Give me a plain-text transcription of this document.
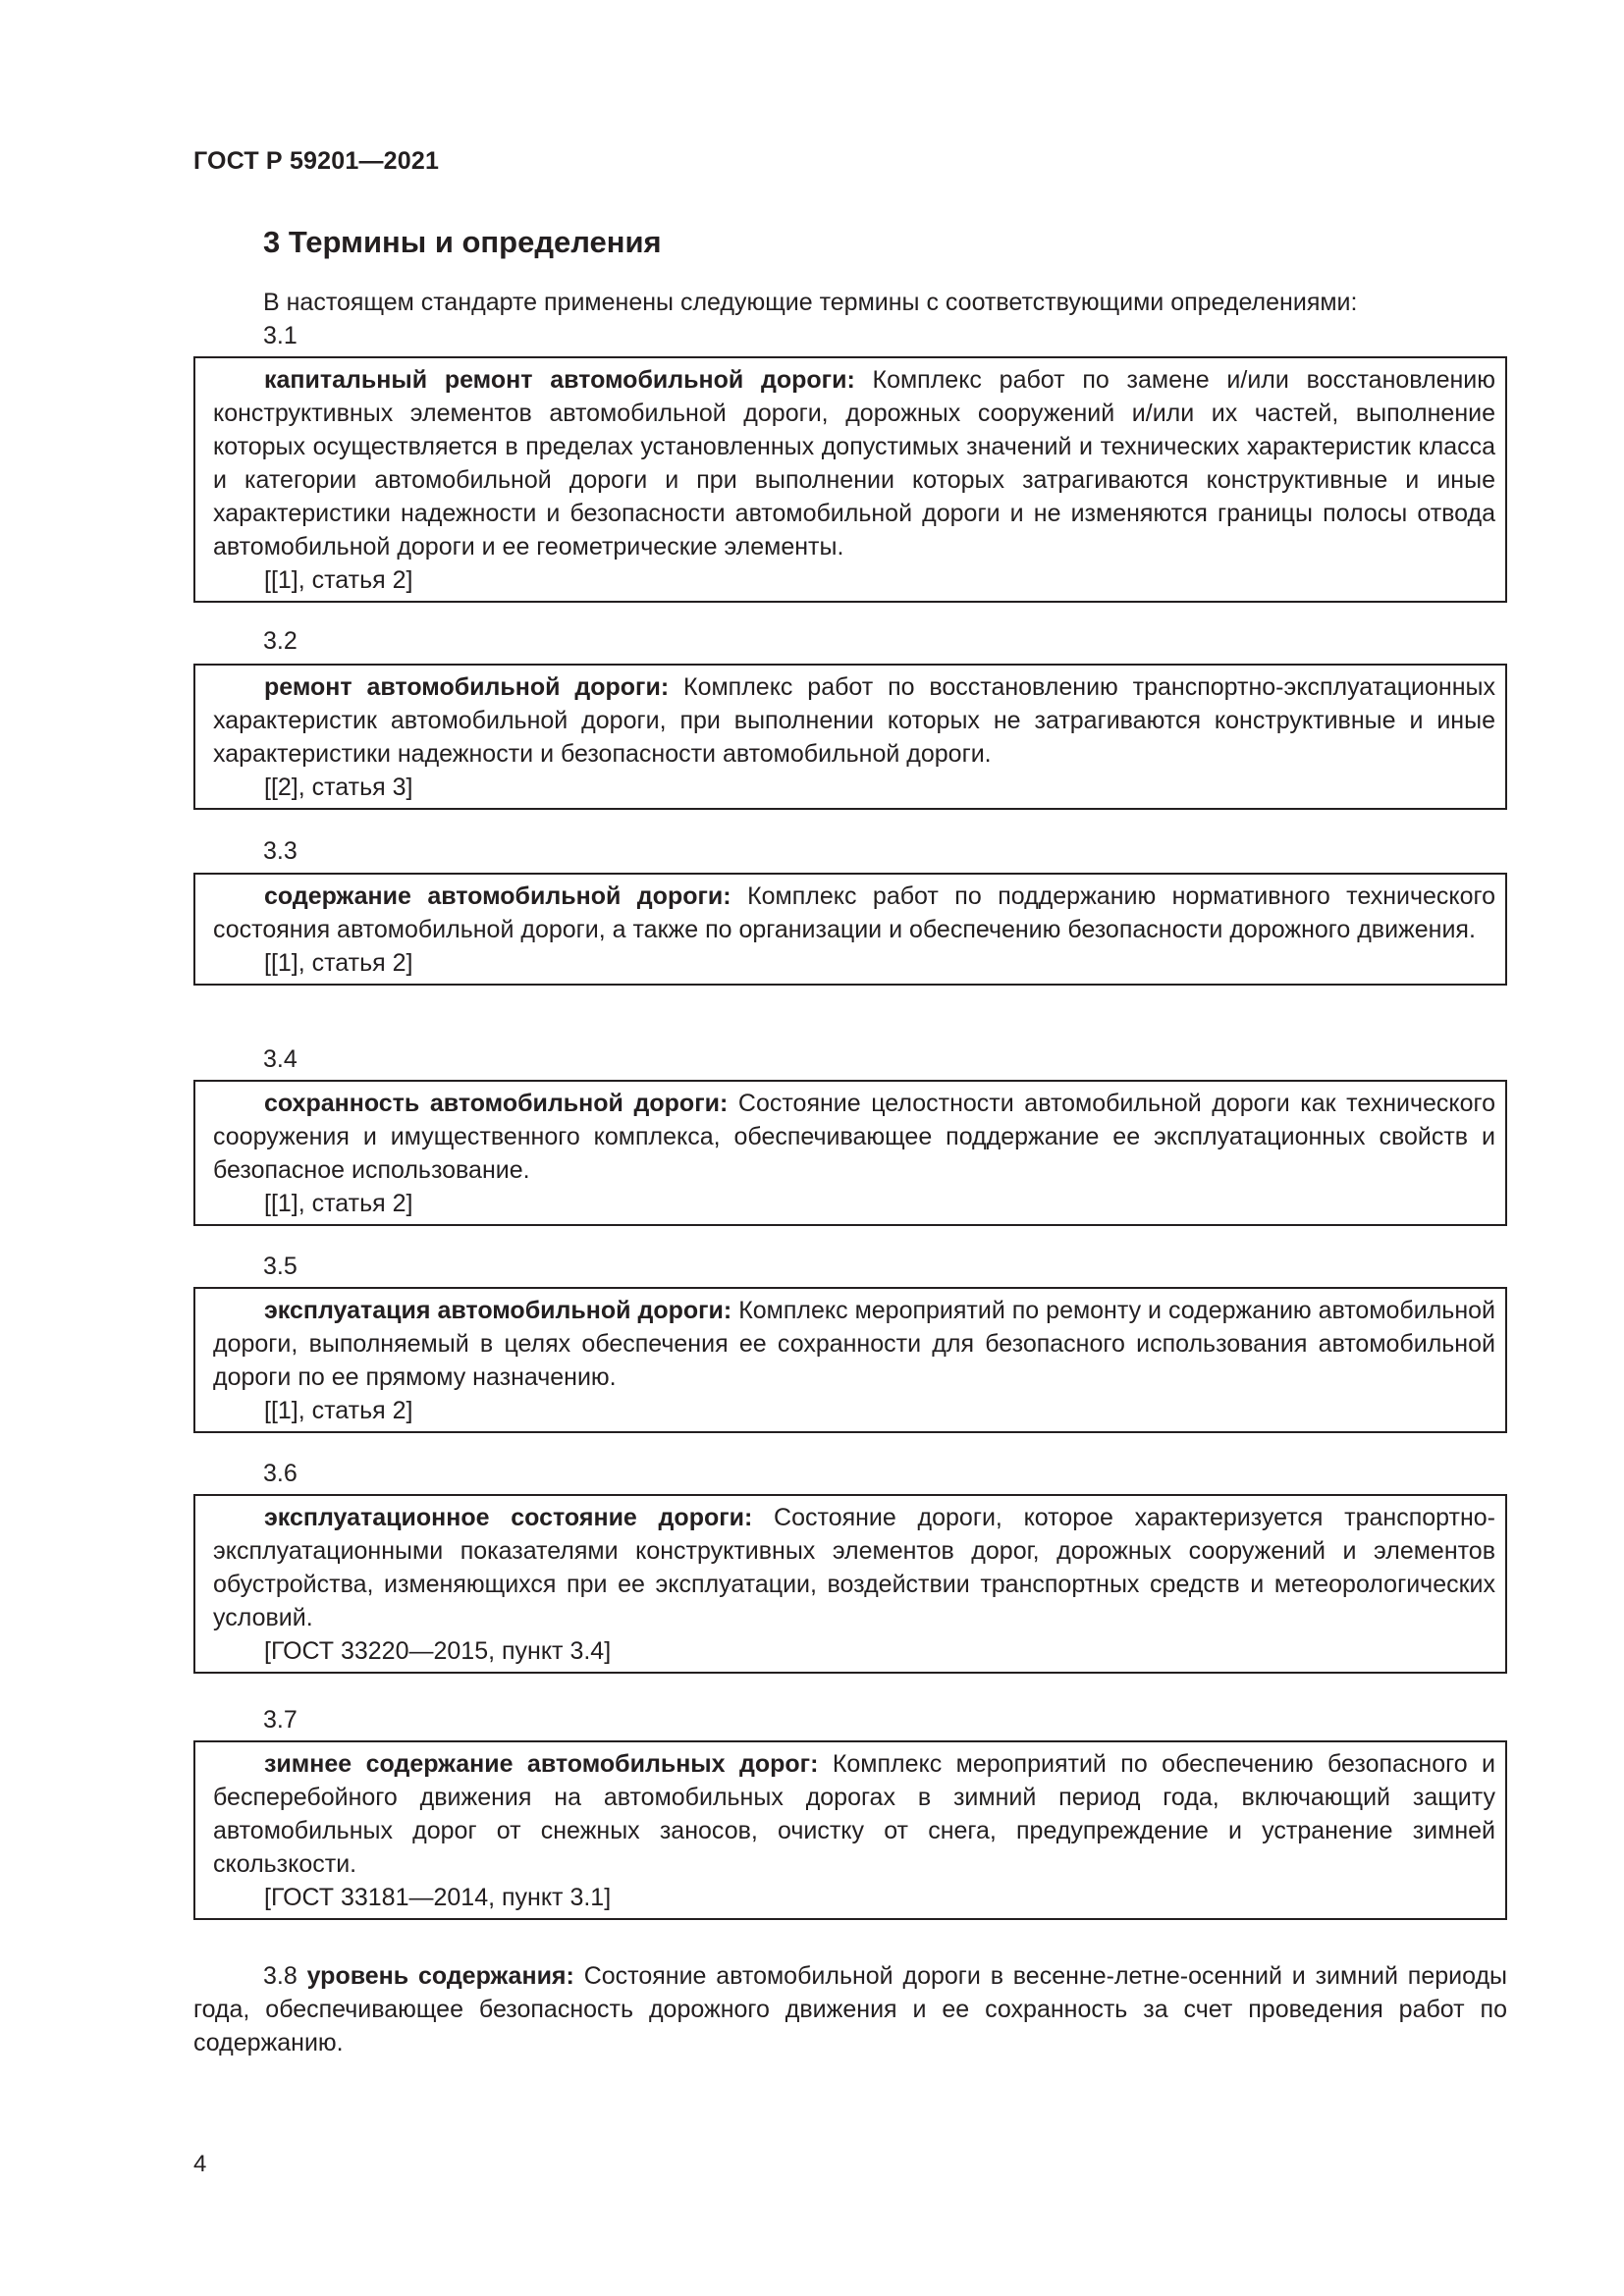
ГОСТ Р 59201—2021
3 Термины и определения

В настоящем стандарте применены следующие термины с соответствующими определениями:

3.1

капитальный ремонт автомобильной дороги: Комплекс работ по замене и/или восстановлению конструктивных элементов автомобильной дороги, дорожных сооружений и/или их частей, выполнение которых осуществляется в пределах установленных допустимых значений и технических характеристик класса и категории автомобильной дороги и при выполнении которых затрагиваются конструктивные и иные характеристики надежности и безопасности автомобильной дороги и не изменяются границы полосы отвода автомобильной дороги и ее геометрические элементы.

[[1], статья 2]
3.2

ремонт автомобильной дороги: Комплекс работ по восстановлению транспортно-эксплуатационных характеристик автомобильной дороги, при выполнении которых не затрагиваются конструктивные и иные характеристики надежности и безопасности автомобильной дороги.

[[2], статья 3]
3.3

содержание автомобильной дороги: Комплекс работ по поддержанию нормативного технического состояния автомобильной дороги, а также по организации и обеспечению безопасности дорожного движения.

[[1], статья 2]
3.4

сохранность автомобильной дороги: Состояние целостности автомобильной дороги как технического сооружения и имущественного комплекса, обеспечивающее поддержание ее эксплуатационных свойств и безопасное использование.

[[1], статья 2]
3.5

эксплуатация автомобильной дороги: Комплекс мероприятий по ремонту и содержанию автомобильной дороги, выполняемый в целях обеспечения ее сохранности для безопасного использования автомобильной дороги по ее прямому назначению.

[[1], статья 2]
3.6

эксплуатационное состояние дороги: Состояние дороги, которое характеризуется транспортно-эксплуатационными показателями конструктивных элементов дорог, дорожных сооружений и элементов обустройства, изменяющихся при ее эксплуатации, воздействии транспортных средств и метеорологических условий.

[ГОСТ 33220—2015, пункт 3.4]
3.7

зимнее содержание автомобильных дорог: Комплекс мероприятий по обеспечению безопасного и бесперебойного движения на автомобильных дорогах в зимний период года, включающий защиту автомобильных дорог от снежных заносов, очистку от снега, предупреждение и устранение зимней скользкости.

[ГОСТ 33181—2014, пункт 3.1]

3.8 уровень содержания: Состояние автомобильной дороги в весенне-летне-осенний и зимний периоды года, обеспечивающее безопасность дорожного движения и ее сохранность за счет проведения работ по содержанию.

4
